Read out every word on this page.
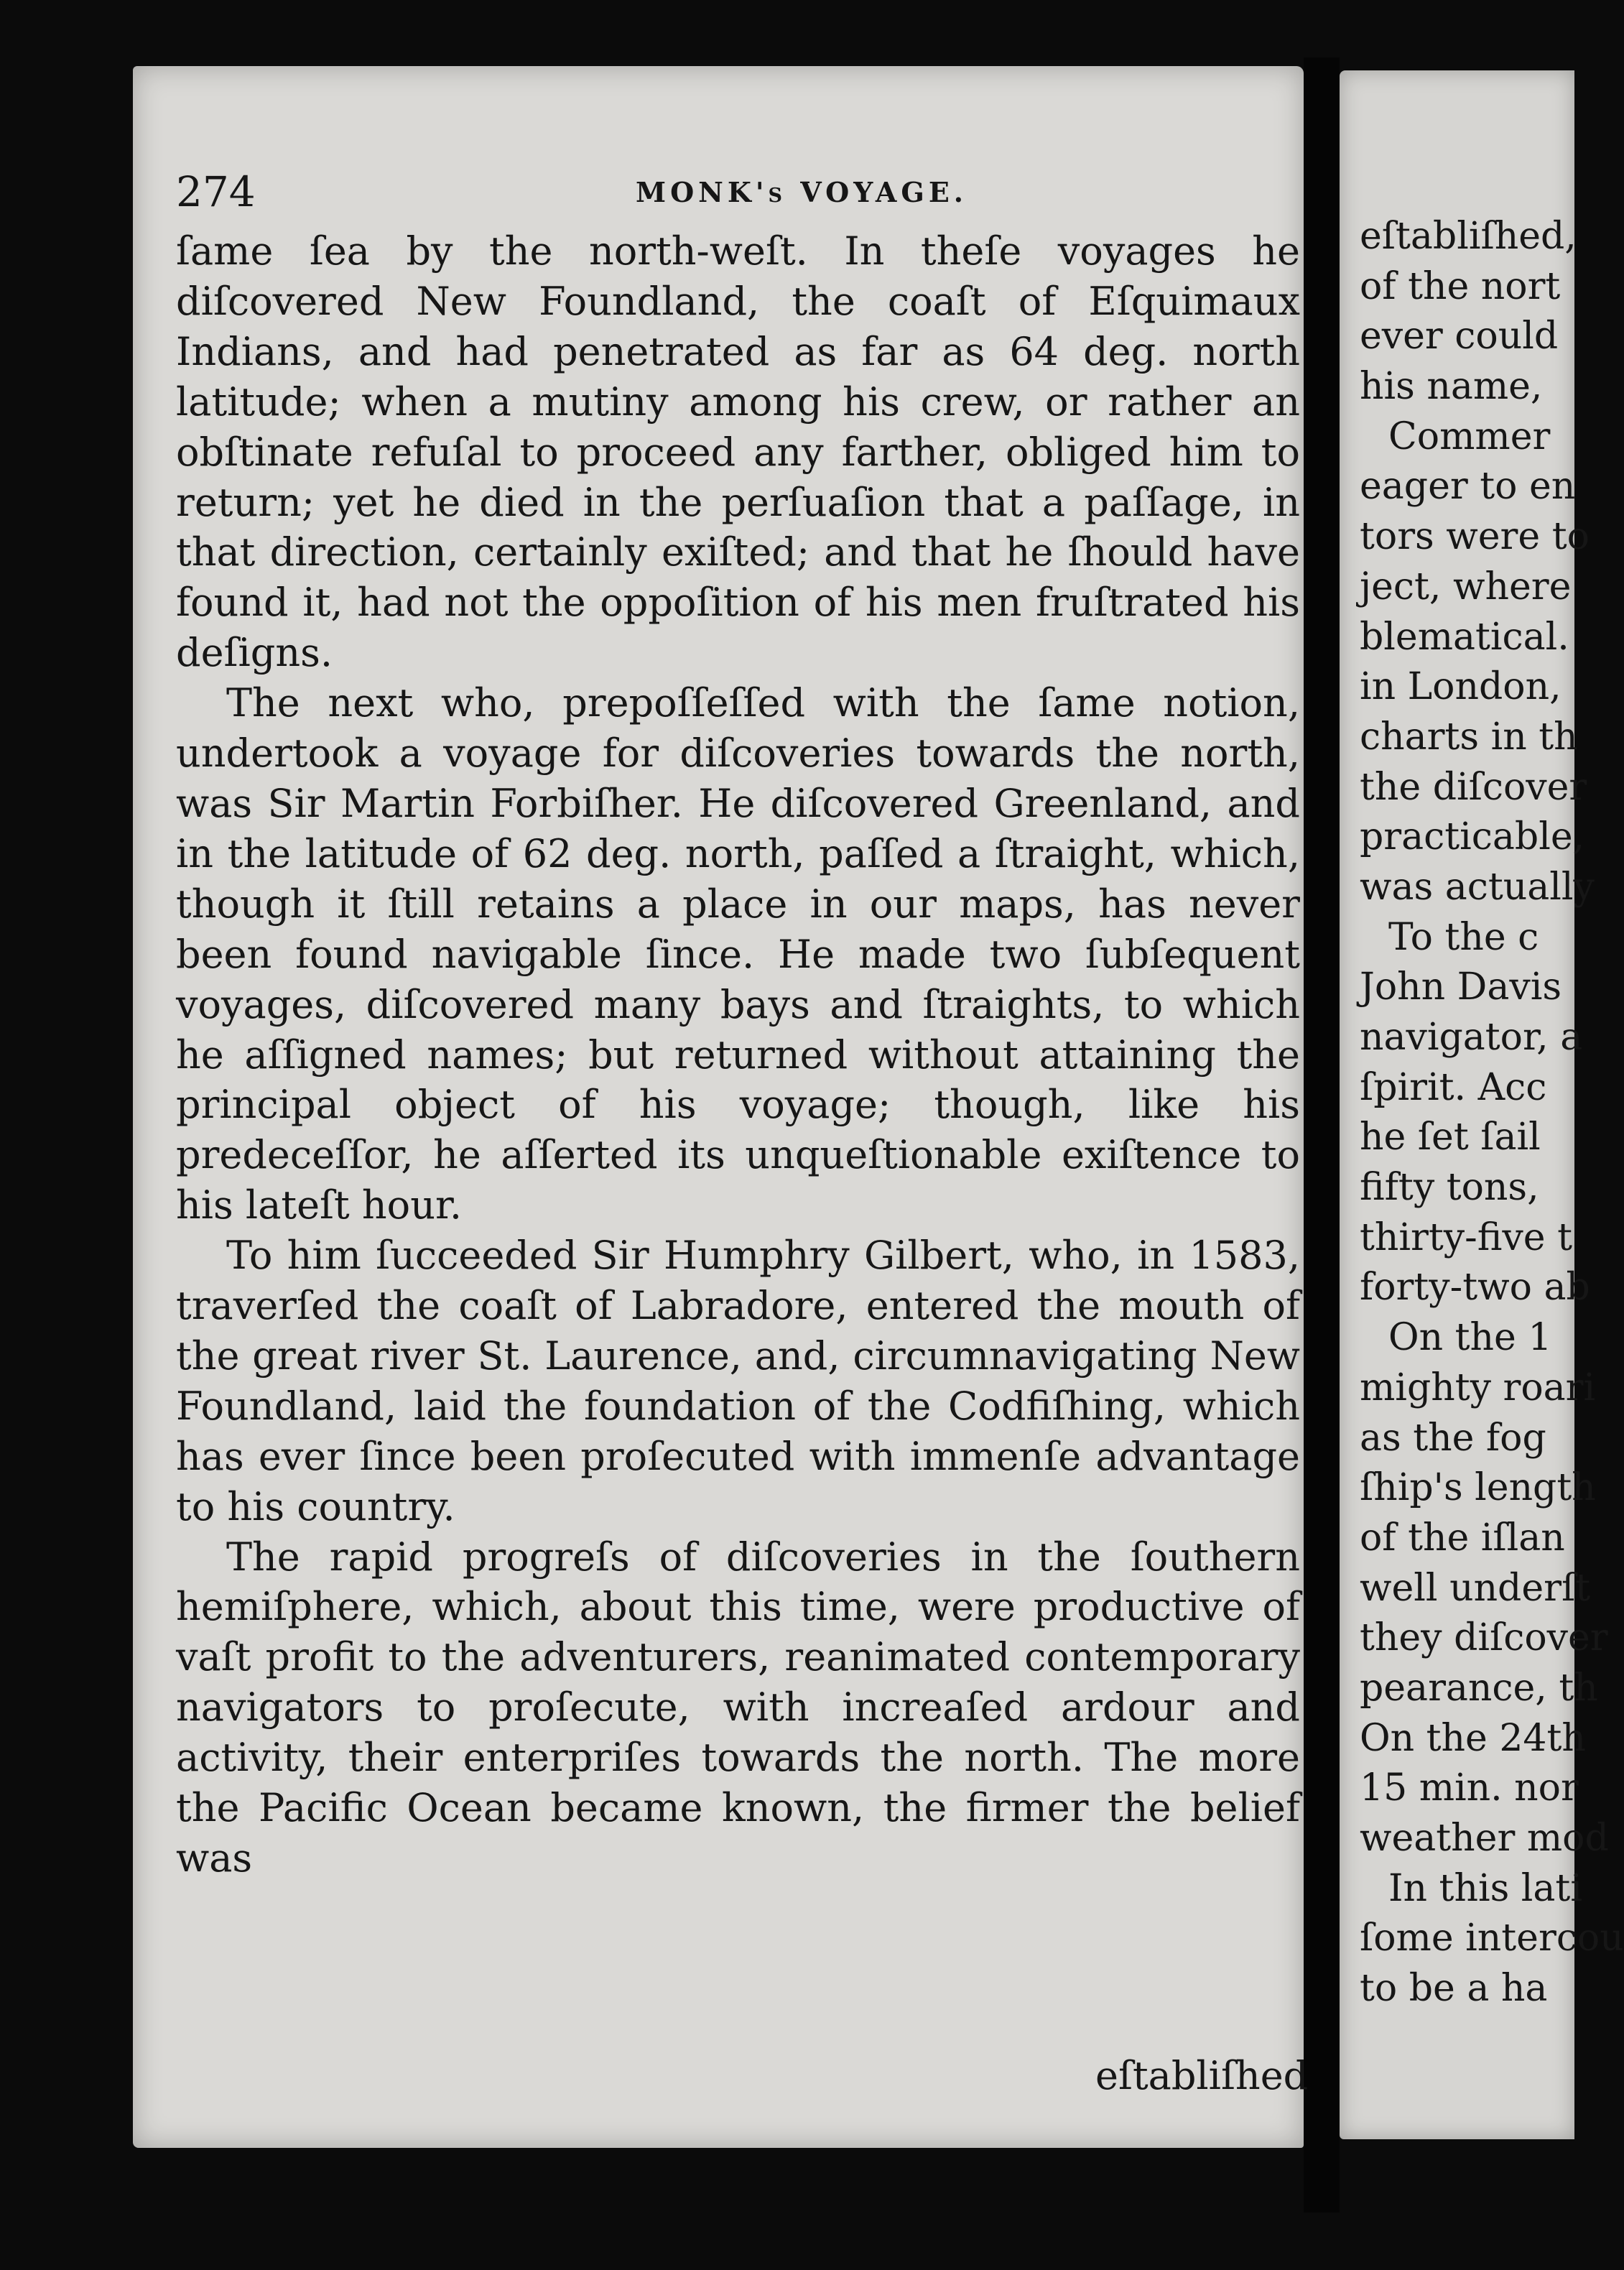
274	MONK's VOYAGE.

ſame ſea by the north-weſt. In theſe voyages he diſcovered New Foundland, the coaſt of Eſquimaux Indians, and had penetrated as far as 64 deg. north latitude; when a mutiny among his crew, or rather an obſtinate refuſal to proceed any farther, obliged him to return; yet he died in the perſuaſion that a paſſage, in that direction, certainly exiſted; and that he ſhould have found it, had not the oppoſition of his men fruſtrated his deſigns.

The next who, prepoſſeſſed with the ſame notion, undertook a voyage for diſcoveries towards the north, was Sir Martin Forbiſher. He diſcovered Greenland, and in the latitude of 62 deg. north, paſſed a ſtraight, which, though it ſtill retains a place in our maps, has never been found navigable ſince. He made two ſubſequent voyages, diſcovered many bays and ſtraights, to which he aſſigned names; but returned without attaining the principal object of his voyage; though, like his predeceſſor, he aſſerted its unqueſtionable exiſtence to his lateſt hour.

To him ſucceeded Sir Humphry Gilbert, who, in 1583, traverſed the coaſt of Labradore, entered the mouth of the great river St. Laurence, and, circumnavigating New Foundland, laid the foundation of the Codfiſhing, which has ever ſince been proſecuted with immenſe advantage to his country.

The rapid progreſs of diſcoveries in the ſouthern hemiſphere, which, about this time, were productive of vaſt profit to the adventurers, reanimated contemporary navigators to proſecute, with increaſed ardour and activity, their enterpriſes towards the north. The more the Pacific Ocean became known, the firmer the belief was

eſtabliſhed
eſtabliſhed,
of the nort
ever could
his name,
Commer
eager to en
tors were to
ject, where
blematical.
in London,
charts in th
the diſcover
practicable,
was actually
To the c
John Davis
navigator, a
ſpirit. Acc
he ſet ſail
fifty tons,
thirty-five t
forty-two ab
On the 1
mighty roari
as the fog
ſhip's length
of the iſlan
well underſt
they diſcover
pearance, th
On the 24th
15 min. nor
weather mod
In this lati
ſome intercou
to be a ha
